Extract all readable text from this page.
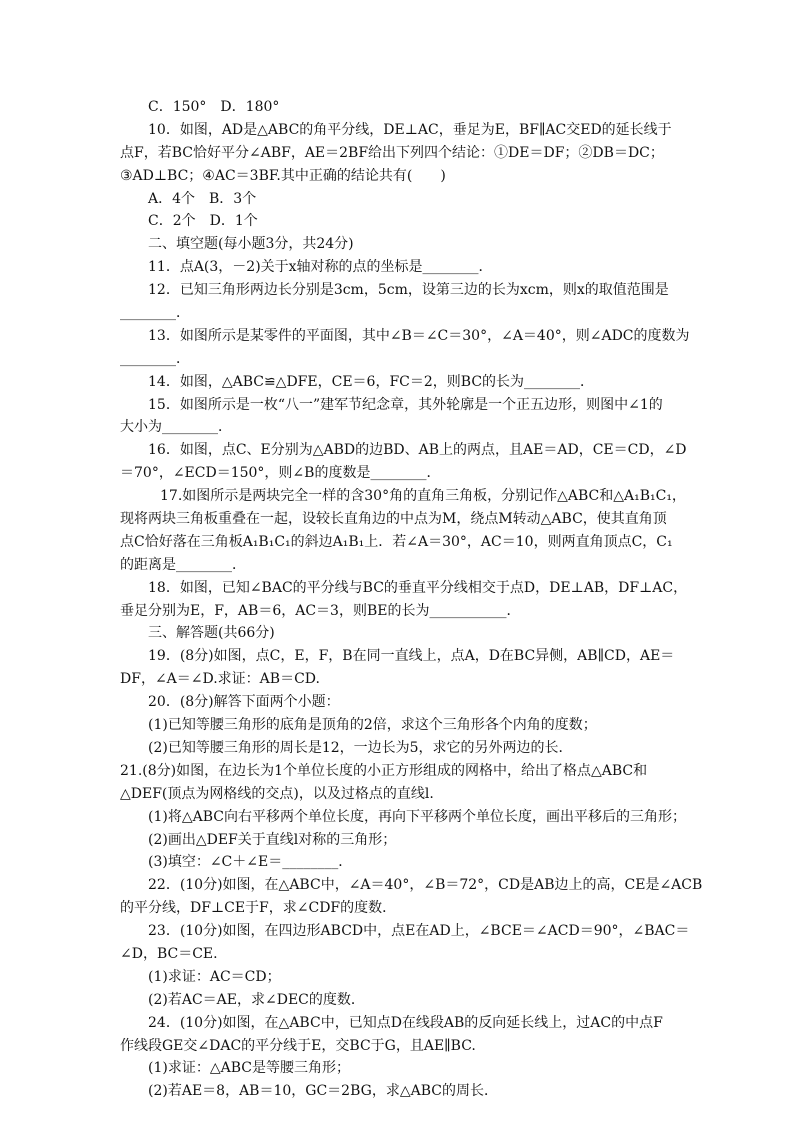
C．150°　D．180°
10．如图，AD是△ABC的角平分线，DE⊥AC，垂足为E，BF∥AC交ED的延长线于
点F，若BC恰好平分∠ABF，AE＝2BF给出下列四个结论：①DE＝DF；②DB＝DC；
③AD⊥BC；④AC＝3BF.其中正确的结论共有(　　)
A．4个　B．3个
C．2个　D．1个
二、填空题(每小题3分，共24分)
11．点A(3，－2)关于x轴对称的点的坐标是________．
12．已知三角形两边长分别是3cm，5cm，设第三边的长为xcm，则x的取值范围是
________．
13．如图所示是某零件的平面图，其中∠B＝∠C＝30°，∠A＝40°，则∠ADC的度数为
________．
14．如图，△ABC≌△DFE，CE＝6，FC＝2，则BC的长为________．
15．如图所示是一枚“八一”建军节纪念章，其外轮廓是一个正五边形，则图中∠1的
大小为________．
16．如图，点C、E分别为△ABD的边BD、AB上的两点，且AE＝AD，CE＝CD，∠D
＝70°，∠ECD＝150°，则∠B的度数是________．
17.如图所示是两块完全一样的含30°角的直角三角板，分别记作△ABC和△A₁B₁C₁，
现将两块三角板重叠在一起，设较长直角边的中点为M，绕点M转动△ABC，使其直角顶
点C恰好落在三角板A₁B₁C₁的斜边A₁B₁上．若∠A＝30°，AC＝10，则两直角顶点C，C₁
的距离是________．
18．如图，已知∠BAC的平分线与BC的垂直平分线相交于点D，DE⊥AB，DF⊥AC，
垂足分别为E，F，AB＝6，AC＝3，则BE的长为___________．
三、解答题(共66分)
19．(8分)如图，点C，E，F，B在同一直线上，点A，D在BC异侧，AB∥CD，AE＝
DF，∠A＝∠D.求证：AB＝CD.
20．(8分)解答下面两个小题：
(1)已知等腰三角形的底角是顶角的2倍，求这个三角形各个内角的度数；
(2)已知等腰三角形的周长是12，一边长为5，求它的另外两边的长．
21.(8分)如图，在边长为1个单位长度的小正方形组成的网格中，给出了格点△ABC和
△DEF(顶点为网格线的交点)，以及过格点的直线l.
(1)将△ABC向右平移两个单位长度，再向下平移两个单位长度，画出平移后的三角形；
(2)画出△DEF关于直线l对称的三角形；
(3)填空：∠C＋∠E＝________．
22．(10分)如图，在△ABC中，∠A＝40°，∠B＝72°，CD是AB边上的高，CE是∠ACB
的平分线，DF⊥CE于F，求∠CDF的度数．
23．(10分)如图，在四边形ABCD中，点E在AD上，∠BCE＝∠ACD＝90°，∠BAC＝
∠D，BC＝CE.
(1)求证：AC＝CD；
(2)若AC＝AE，求∠DEC的度数．
24．(10分)如图，在△ABC中，已知点D在线段AB的反向延长线上，过AC的中点F
作线段GE交∠DAC的平分线于E，交BC于G，且AE∥BC.
(1)求证：△ABC是等腰三角形；
(2)若AE＝8，AB＝10，GC＝2BG，求△ABC的周长．
